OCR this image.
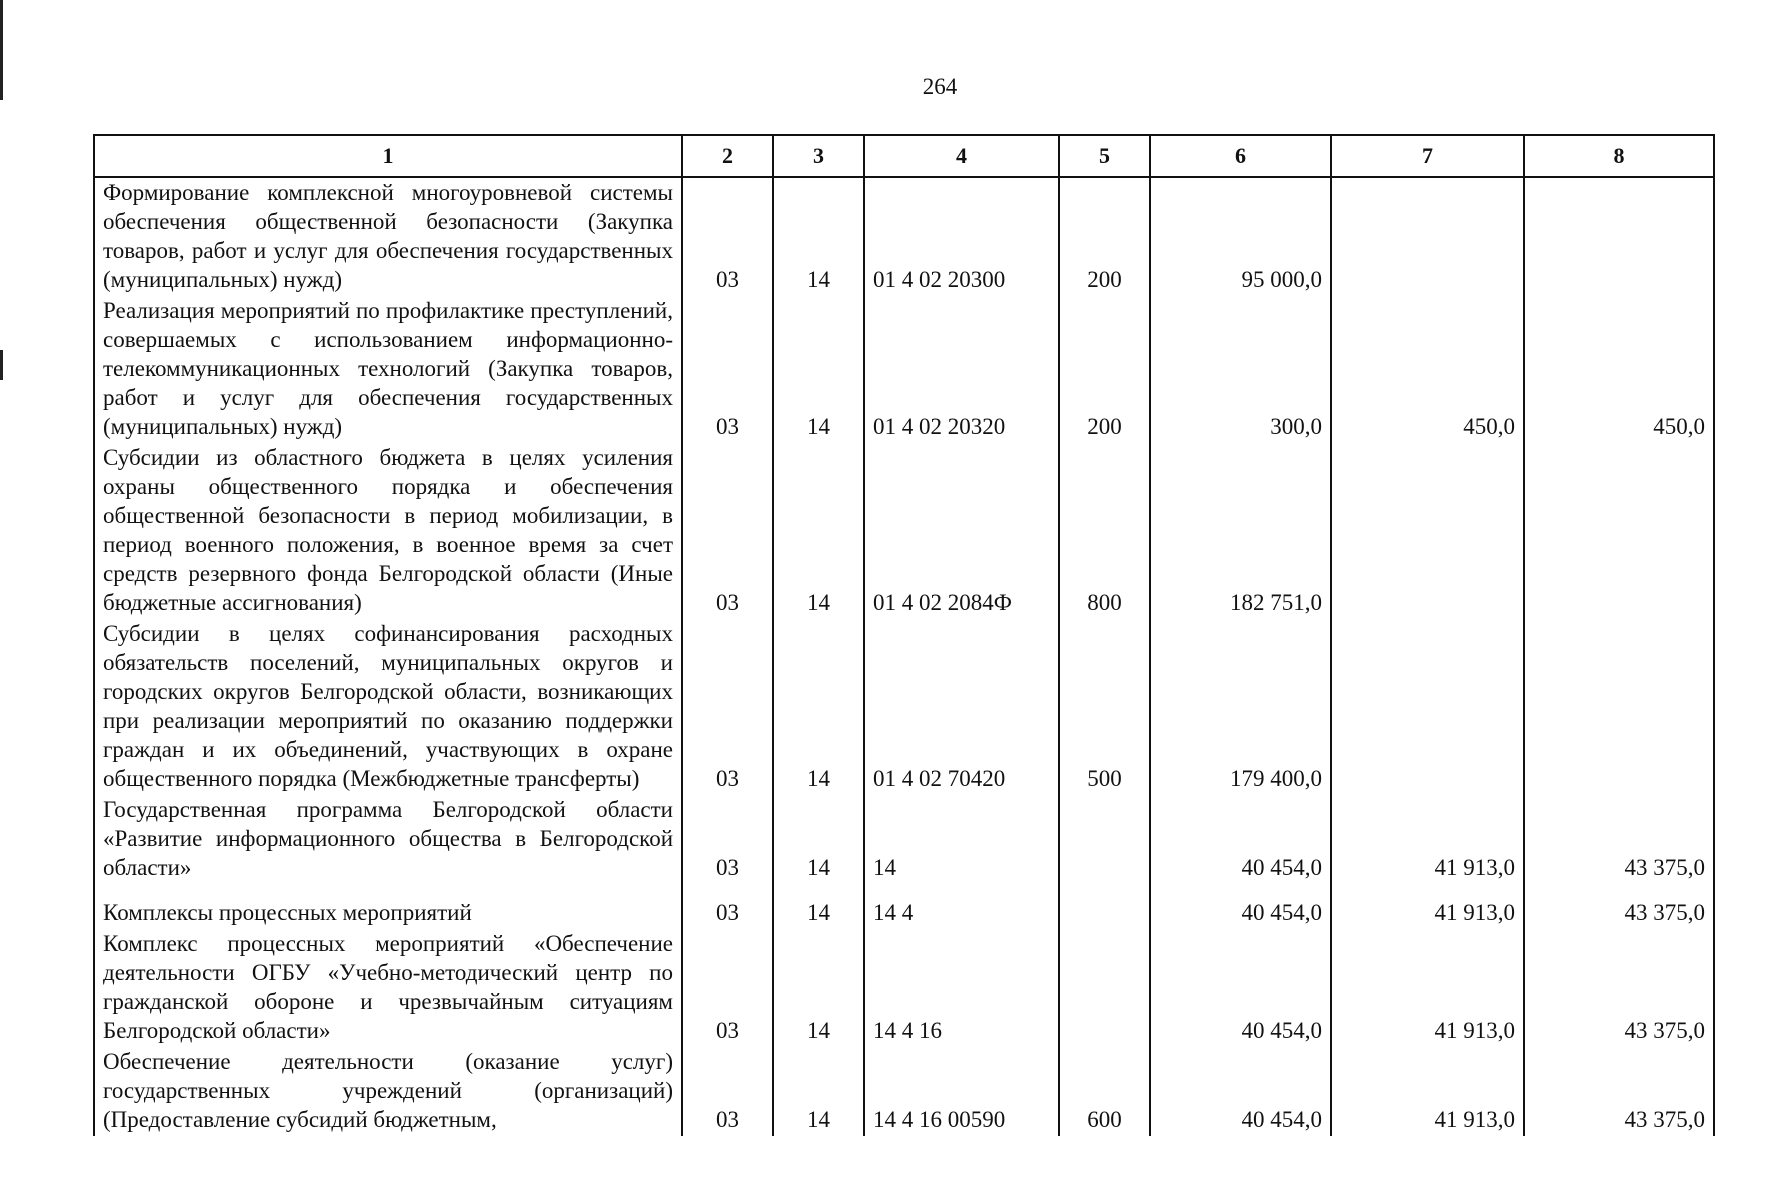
264
1	2	3	4	5	6	7	8
Формирование комплексной многоуровневой системы обеспечения общественной безопасности (Закупка товаров, работ и услуг для обеспечения государственных (муниципальных) нужд)	03	14	01 4 02 20300	200	95 000,0		
Реализация мероприятий по профилактике преступлений, совершаемых с использованием информационно-телекоммуникационных технологий (Закупка товаров, работ и услуг для обеспечения государственных (муниципальных) нужд)	03	14	01 4 02 20320	200	300,0	450,0	450,0
Субсидии из областного бюджета в целях усиления охраны общественного порядка и обеспечения общественной безопасности в период мобилизации, в период военного положения, в военное время за счет средств резервного фонда Белгородской области (Иные бюджетные ассигнования)	03	14	01 4 02 2084Ф	800	182 751,0		
Субсидии в целях софинансирования расходных обязательств поселений, муниципальных округов и городских округов Белгородской области, возникающих при реализации мероприятий по оказанию поддержки граждан и их объединений, участвующих в охране общественного порядка (Межбюджетные трансферты)	03	14	01 4 02 70420	500	179 400,0		
Государственная программа Белгородской области «Развитие информационного общества в Белгородской области»	03	14	14		40 454,0	41 913,0	43 375,0
Комплексы процессных мероприятий	03	14	14 4		40 454,0	41 913,0	43 375,0
Комплекс процессных мероприятий «Обеспечение деятельности ОГБУ «Учебно-методический центр по гражданской обороне и чрезвычайным ситуациям Белгородской области»	03	14	14 4 16		40 454,0	41 913,0	43 375,0
Обеспечение деятельности (оказание услуг) государственных учреждений (организаций) (Предоставление субсидий бюджетным,	03	14	14 4 16 00590	600	40 454,0	41 913,0	43 375,0
